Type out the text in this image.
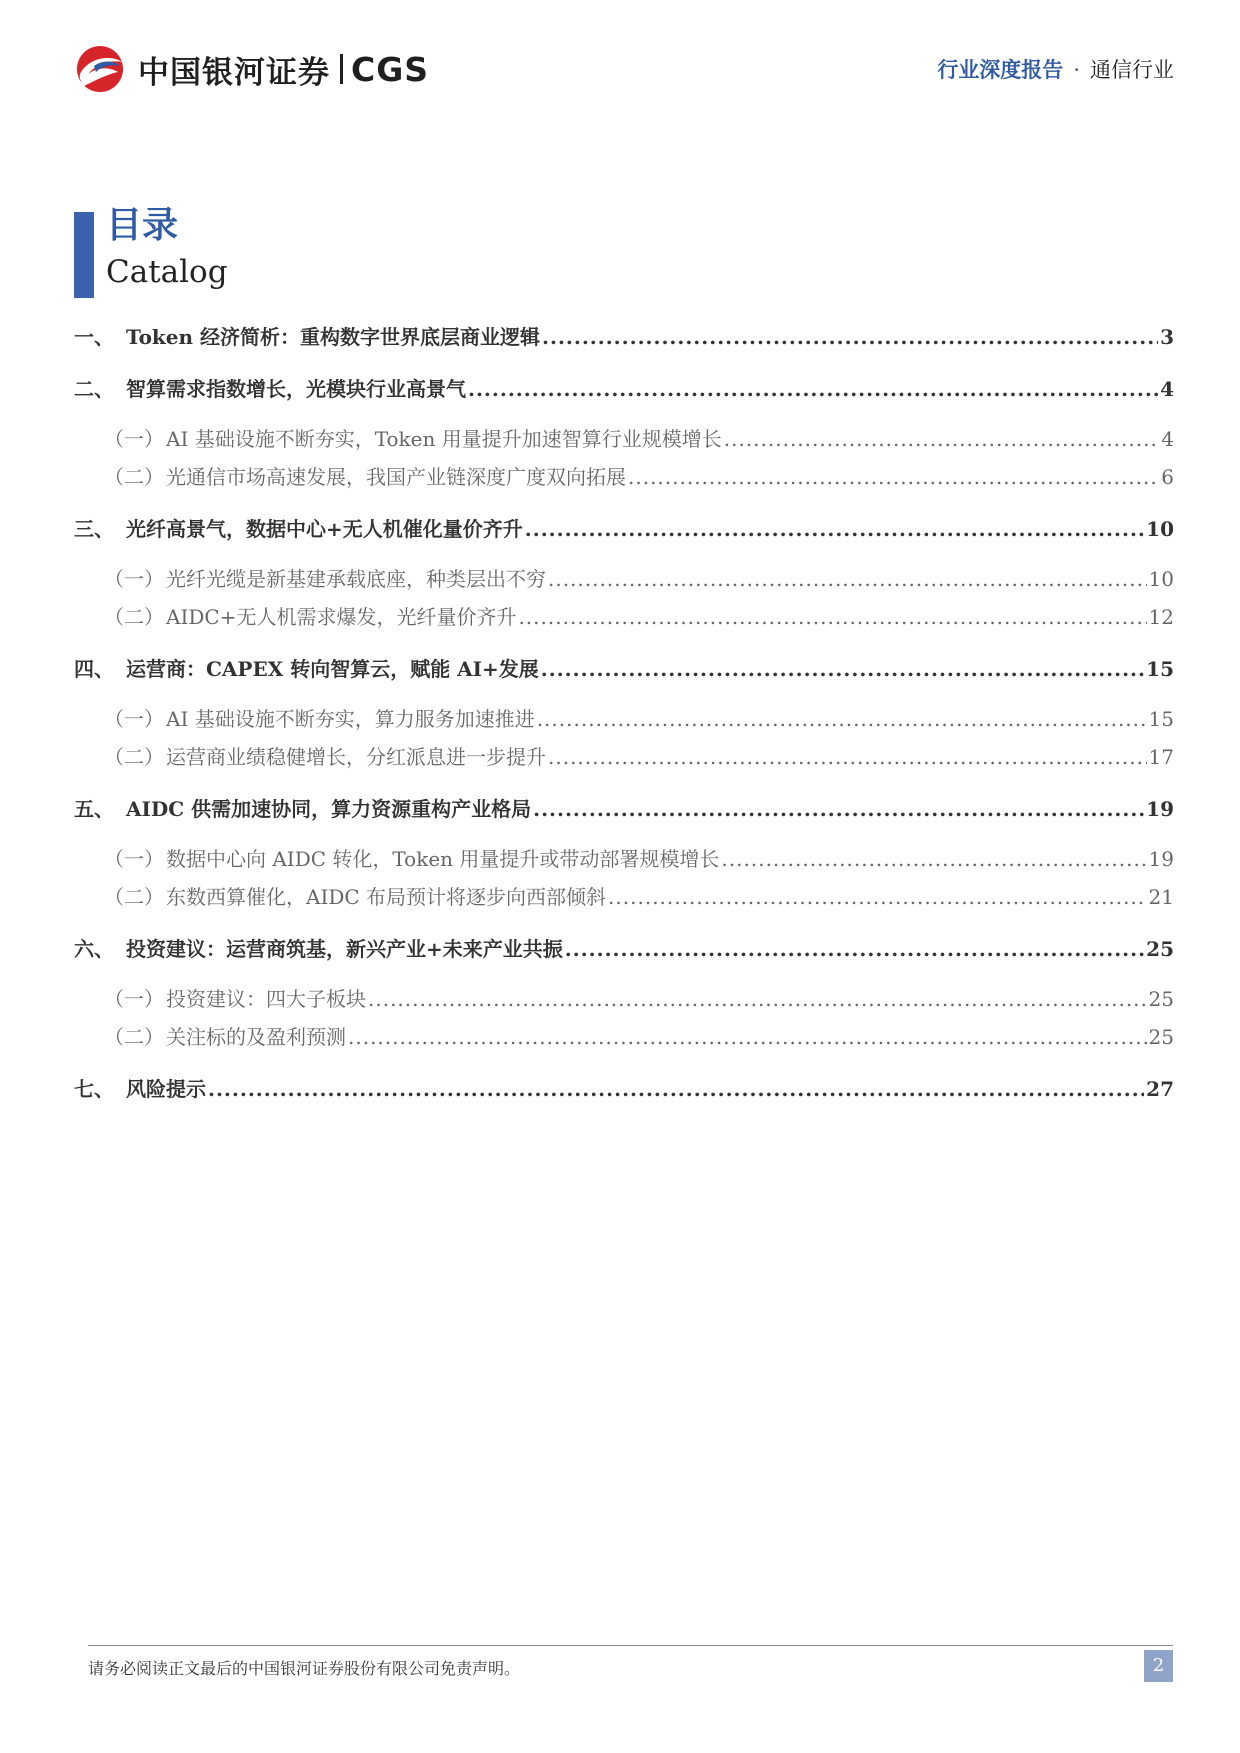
中国银河证券 CGS	行业深度报告 · 通信行业
目录
Catalog
一、 Token 经济简析：重构数字世界底层商业逻辑 .....	3
二、 智算需求指数增长，光模块行业高景气 .....	4
（一） AI 基础设施不断夯实，Token 用量提升加速智算行业规模增长 .....	4
（二） 光通信市场高速发展，我国产业链深度广度双向拓展 .....	6
三、 光纤高景气，数据中心+无人机催化量价齐升 .....	10
（一） 光纤光缆是新基建承载底座，种类层出不穷 .....	10
（二） AIDC+无人机需求爆发，光纤量价齐升 .....	12
四、 运营商：CAPEX 转向智算云，赋能 AI+发展 .....	15
（一） AI 基础设施不断夯实，算力服务加速推进 .....	15
（二） 运营商业绩稳健增长，分红派息进一步提升 .....	17
五、 AIDC 供需加速协同，算力资源重构产业格局 .....	19
（一） 数据中心向 AIDC 转化，Token 用量提升或带动部署规模增长 .....	19
（二） 东数西算催化，AIDC 布局预计将逐步向西部倾斜 .....	21
六、 投资建议：运营商筑基，新兴产业+未来产业共振 .....	25
（一） 投资建议：四大子板块 .....	25
（二） 关注标的及盈利预测 .....	25
七、 风险提示 .....	27
请务必阅读正文最后的中国银河证券股份有限公司免责声明。	2
